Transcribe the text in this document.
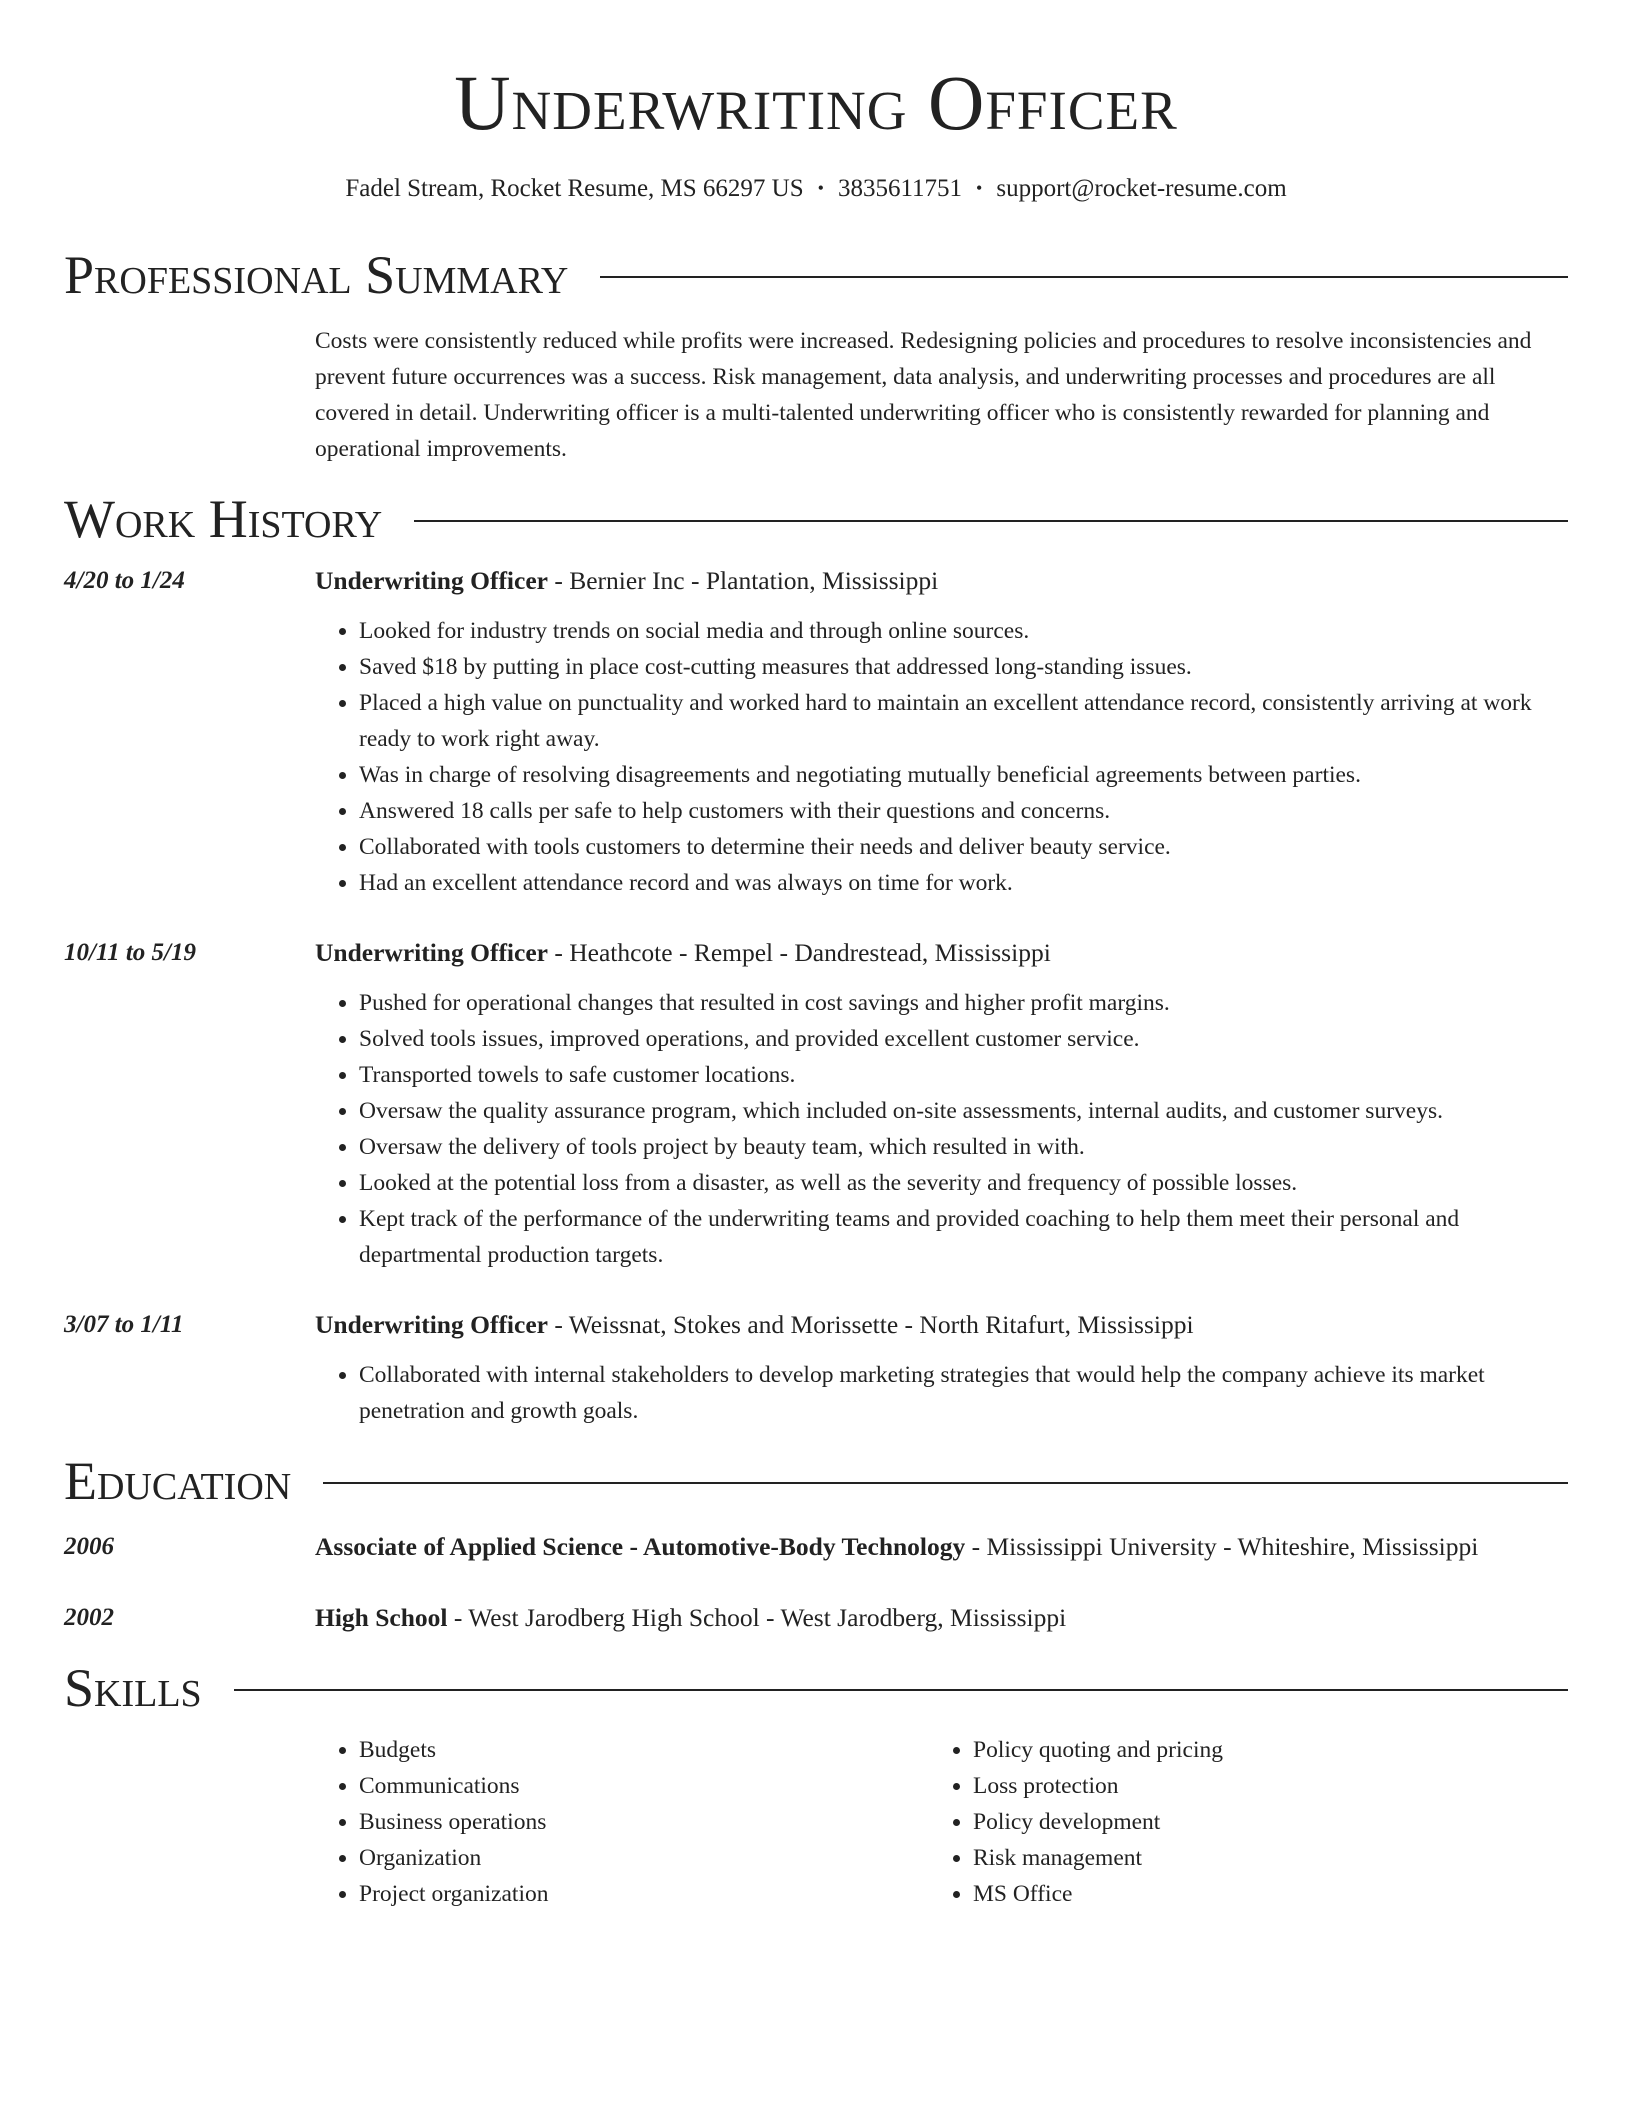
Underwriting Officer
Fadel Stream, Rocket Resume, MS 66297 US • 3835611751 • support@rocket-resume.com
Professional Summary
Costs were consistently reduced while profits were increased. Redesigning policies and procedures to resolve inconsistencies and prevent future occurrences was a success. Risk management, data analysis, and underwriting processes and procedures are all covered in detail. Underwriting officer is a multi-talented underwriting officer who is consistently rewarded for planning and operational improvements.
Work History
4/20 to 1/24	Underwriting Officer - Bernier Inc - Plantation, Mississippi
• Looked for industry trends on social media and through online sources.
• Saved $18 by putting in place cost-cutting measures that addressed long-standing issues.
• Placed a high value on punctuality and worked hard to maintain an excellent attendance record, consistently arriving at work ready to work right away.
• Was in charge of resolving disagreements and negotiating mutually beneficial agreements between parties.
• Answered 18 calls per safe to help customers with their questions and concerns.
• Collaborated with tools customers to determine their needs and deliver beauty service.
• Had an excellent attendance record and was always on time for work.
10/11 to 5/19	Underwriting Officer - Heathcote - Rempel - Dandrestead, Mississippi
• Pushed for operational changes that resulted in cost savings and higher profit margins.
• Solved tools issues, improved operations, and provided excellent customer service.
• Transported towels to safe customer locations.
• Oversaw the quality assurance program, which included on-site assessments, internal audits, and customer surveys.
• Oversaw the delivery of tools project by beauty team, which resulted in with.
• Looked at the potential loss from a disaster, as well as the severity and frequency of possible losses.
• Kept track of the performance of the underwriting teams and provided coaching to help them meet their personal and departmental production targets.
3/07 to 1/11	Underwriting Officer - Weissnat, Stokes and Morissette - North Ritafurt, Mississippi
• Collaborated with internal stakeholders to develop marketing strategies that would help the company achieve its market penetration and growth goals.
Education
2006	Associate of Applied Science - Automotive-Body Technology - Mississippi University - Whiteshire, Mississippi
2002	High School - West Jarodberg High School - West Jarodberg, Mississippi
Skills
• Budgets
• Communications
• Business operations
• Organization
• Project organization
• Policy quoting and pricing
• Loss protection
• Policy development
• Risk management
• MS Office
